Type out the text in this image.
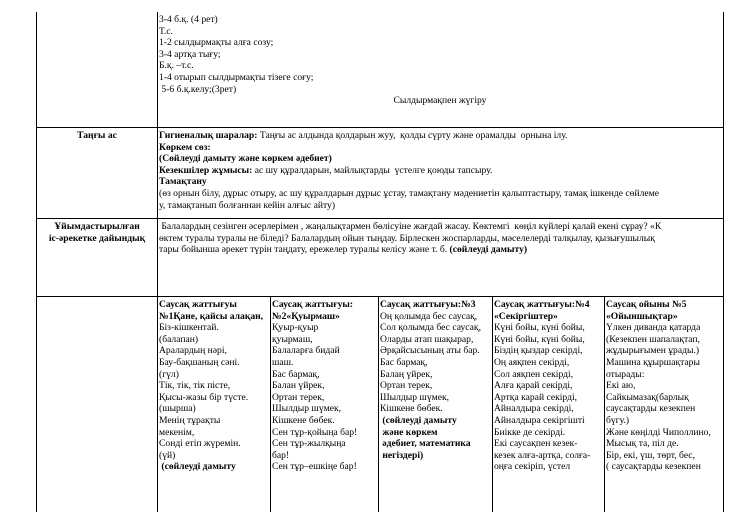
3-4 б.қ. (4 рет)
Т.с.
1-2 сылдырмақты алға созу;
3-4 артқа тығу;
Б.қ. –т.с.
1-4 отырып сылдырмақты тізеге соғу;
5-6 б.қ.келу;(3рет)
Сылдырмақпен жүгіру
Таңғы ас	Гигиеналық шаралар: Таңғы ас алдында қолдарын жуу,  қолды сүрту және орамалды  орнына ілу.
Көркем сөз:
(Сөйлеуді дамыту және көркем әдебиет)
Кезекшілер жұмысы: ас шу құралдарын, майлықтарды  үстелге қоюды тапсыру.
Тамақтану
(өз орнын білу, дұрыс отыру, ас шу құралдарын дұрыс ұстау, тамақтану мәдениетін қалыптастыру, тамақ ішкенде сөйлеме
у, тамақтанып болғаннан кейін алғыс айту)
Ұйымдастырылған
іс-әрекетке дайындық
Балалардың сезінген әсерлерімен , жаңалықтармен бөлісуіне жағдай жасау. Көктемгі  көңіл күйлері қалай екені сұрау? «К
өктем туралы туралы не біледі? Балалардың ойын тыңдау. Бірлескен жоспарларды, мәселелерді талқылау, қызығушылық
тары бойынша әрекет түрін таңдату, ережелер туралы келісу және т. б. (сөйлеуді дамыту)
Саусақ жаттығуы
№1Қане, қайсы алақан,
Біз-кішкентай.
(балапан)
Аралардың нәрі,
Бау-бақшаның сәні.
(гүл)
Тік, тік, тік пісте,
Қысы-жазы бір түсте.
(шырша)
Менің тұрақты
мекенім,
Сонді етіп жүремін.
(үй)
(сөйлеуді дамыту
Саусақ жаттығуы:
№2«Қуырмаш»
Қуыр-қуыр
қуырмаш,
Балаларға бидай
шаш.
Бас бармақ,
Балан үйрек,
Ортан терек,
Шылдыр шүмек,
Кішкене бөбек.
Сен тұр-қойыңа бар!
Сен тұр-жылқыңа
бар!
Сен тұр–ешкіңе бар!
Саусақ жаттығуы:№3
Оң қолымда бес саусақ,
Сол қолымда бес саусақ,
Оларды атап шақырар,
Әрқайсысының аты бар.
Бас бармақ,
Балаң үйрек,
Ортан терек,
Шылдыр шүмек,
Кішкене бөбек.
(сөйлеуді дамыту
және көркем
әдебиет, математика
негіздері)
Саусақ жаттығуы:№4
«Секіргіштер»
Күні бойы, күні бойы,
Күні бойы, күні бойы,
Біздің қыздар секірді,
Оң аяқпен секірді,
Сол аяқпен секірді,
Алға қарай секірді,
Артқа карай секірді,
Айналдыра секірді,
Айналдыра секіргішті
Биікке де секірді.
Екі саусақпен кезек-
кезек алға-артқа, солға-
оңға секіріп, үстел
Саусақ ойыны №5
«Ойыншықтар»
Үлкен диванда қатарда
(Кезекпен шапалақтап,
жұдырығымен ұрады.)
Машина құыршақтары
отырады:
Екі аю,
Сайкымазақ(барлық
саусақтарды кезекпен
бүгу.)
Және көңілді Чиполлино,
Мысық та, піл де.
Бір, екі, үш, төрт, бес,
( саусақтарды кезекпен
